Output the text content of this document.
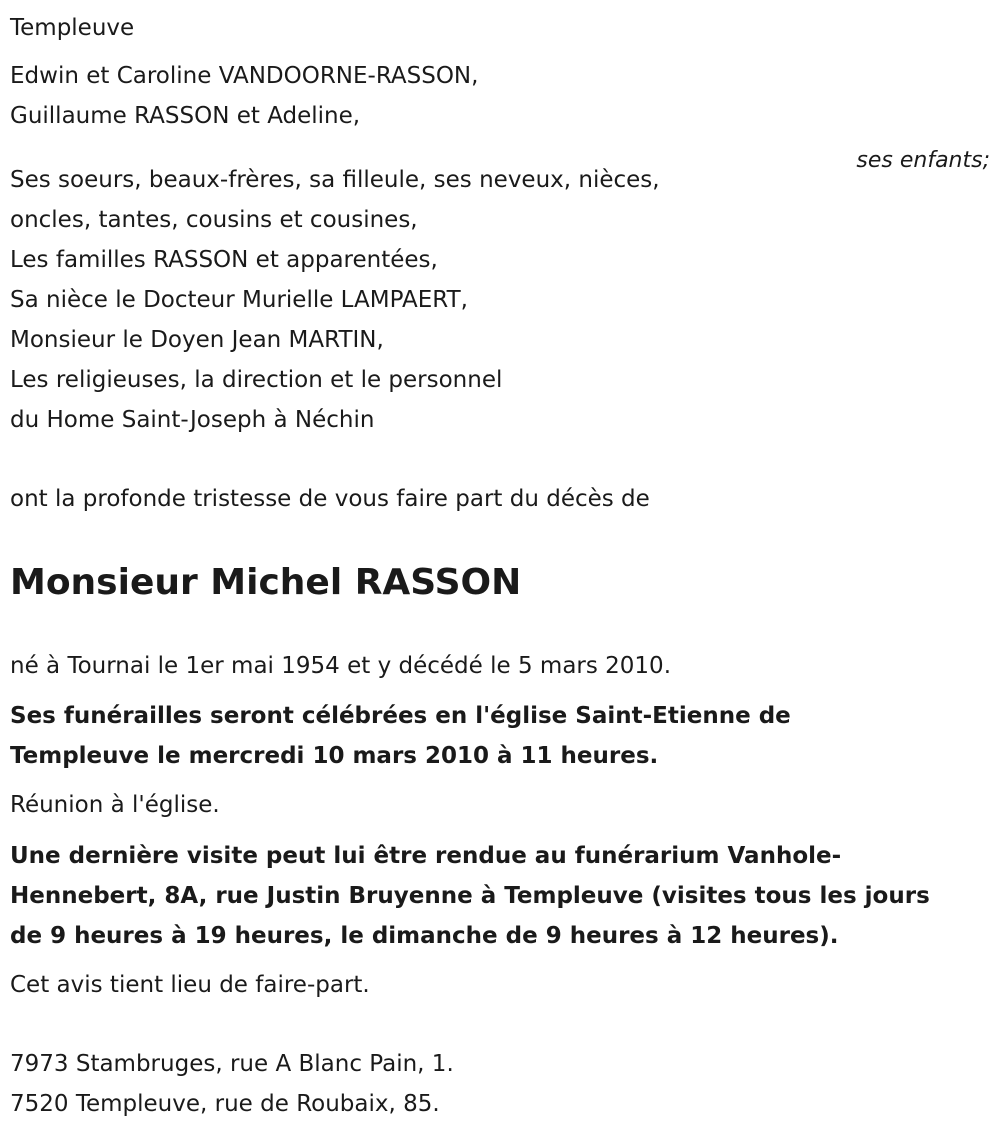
Templeuve

Edwin et Caroline VANDOORNE-RASSON,

Guillaume RASSON et Adeline,

ses enfants;

Ses soeurs, beaux-frères, sa filleule, ses neveux, nièces,

oncles, tantes, cousins et cousines,

Les familles RASSON et apparentées,

Sa nièce le Docteur Murielle LAMPAERT,

Monsieur le Doyen Jean MARTIN,

Les religieuses, la direction et le personnel

du Home Saint-Joseph à Néchin

ont la profonde tristesse de vous faire part du décès de

Monsieur Michel RASSON

né à Tournai le 1er mai 1954 et y décédé le 5 mars 2010.

Ses funérailles seront célébrées en l'église Saint-Etienne de

Templeuve le mercredi 10 mars 2010 à 11 heures.

Réunion à l'église.

Une dernière visite peut lui être rendue au funérarium Vanhole-

Hennebert, 8A, rue Justin Bruyenne à Templeuve (visites tous les jours

de 9 heures à 19 heures, le dimanche de 9 heures à 12 heures).

Cet avis tient lieu de faire-part.

7973 Stambruges, rue A Blanc Pain, 1.

7520 Templeuve, rue de Roubaix, 85.
